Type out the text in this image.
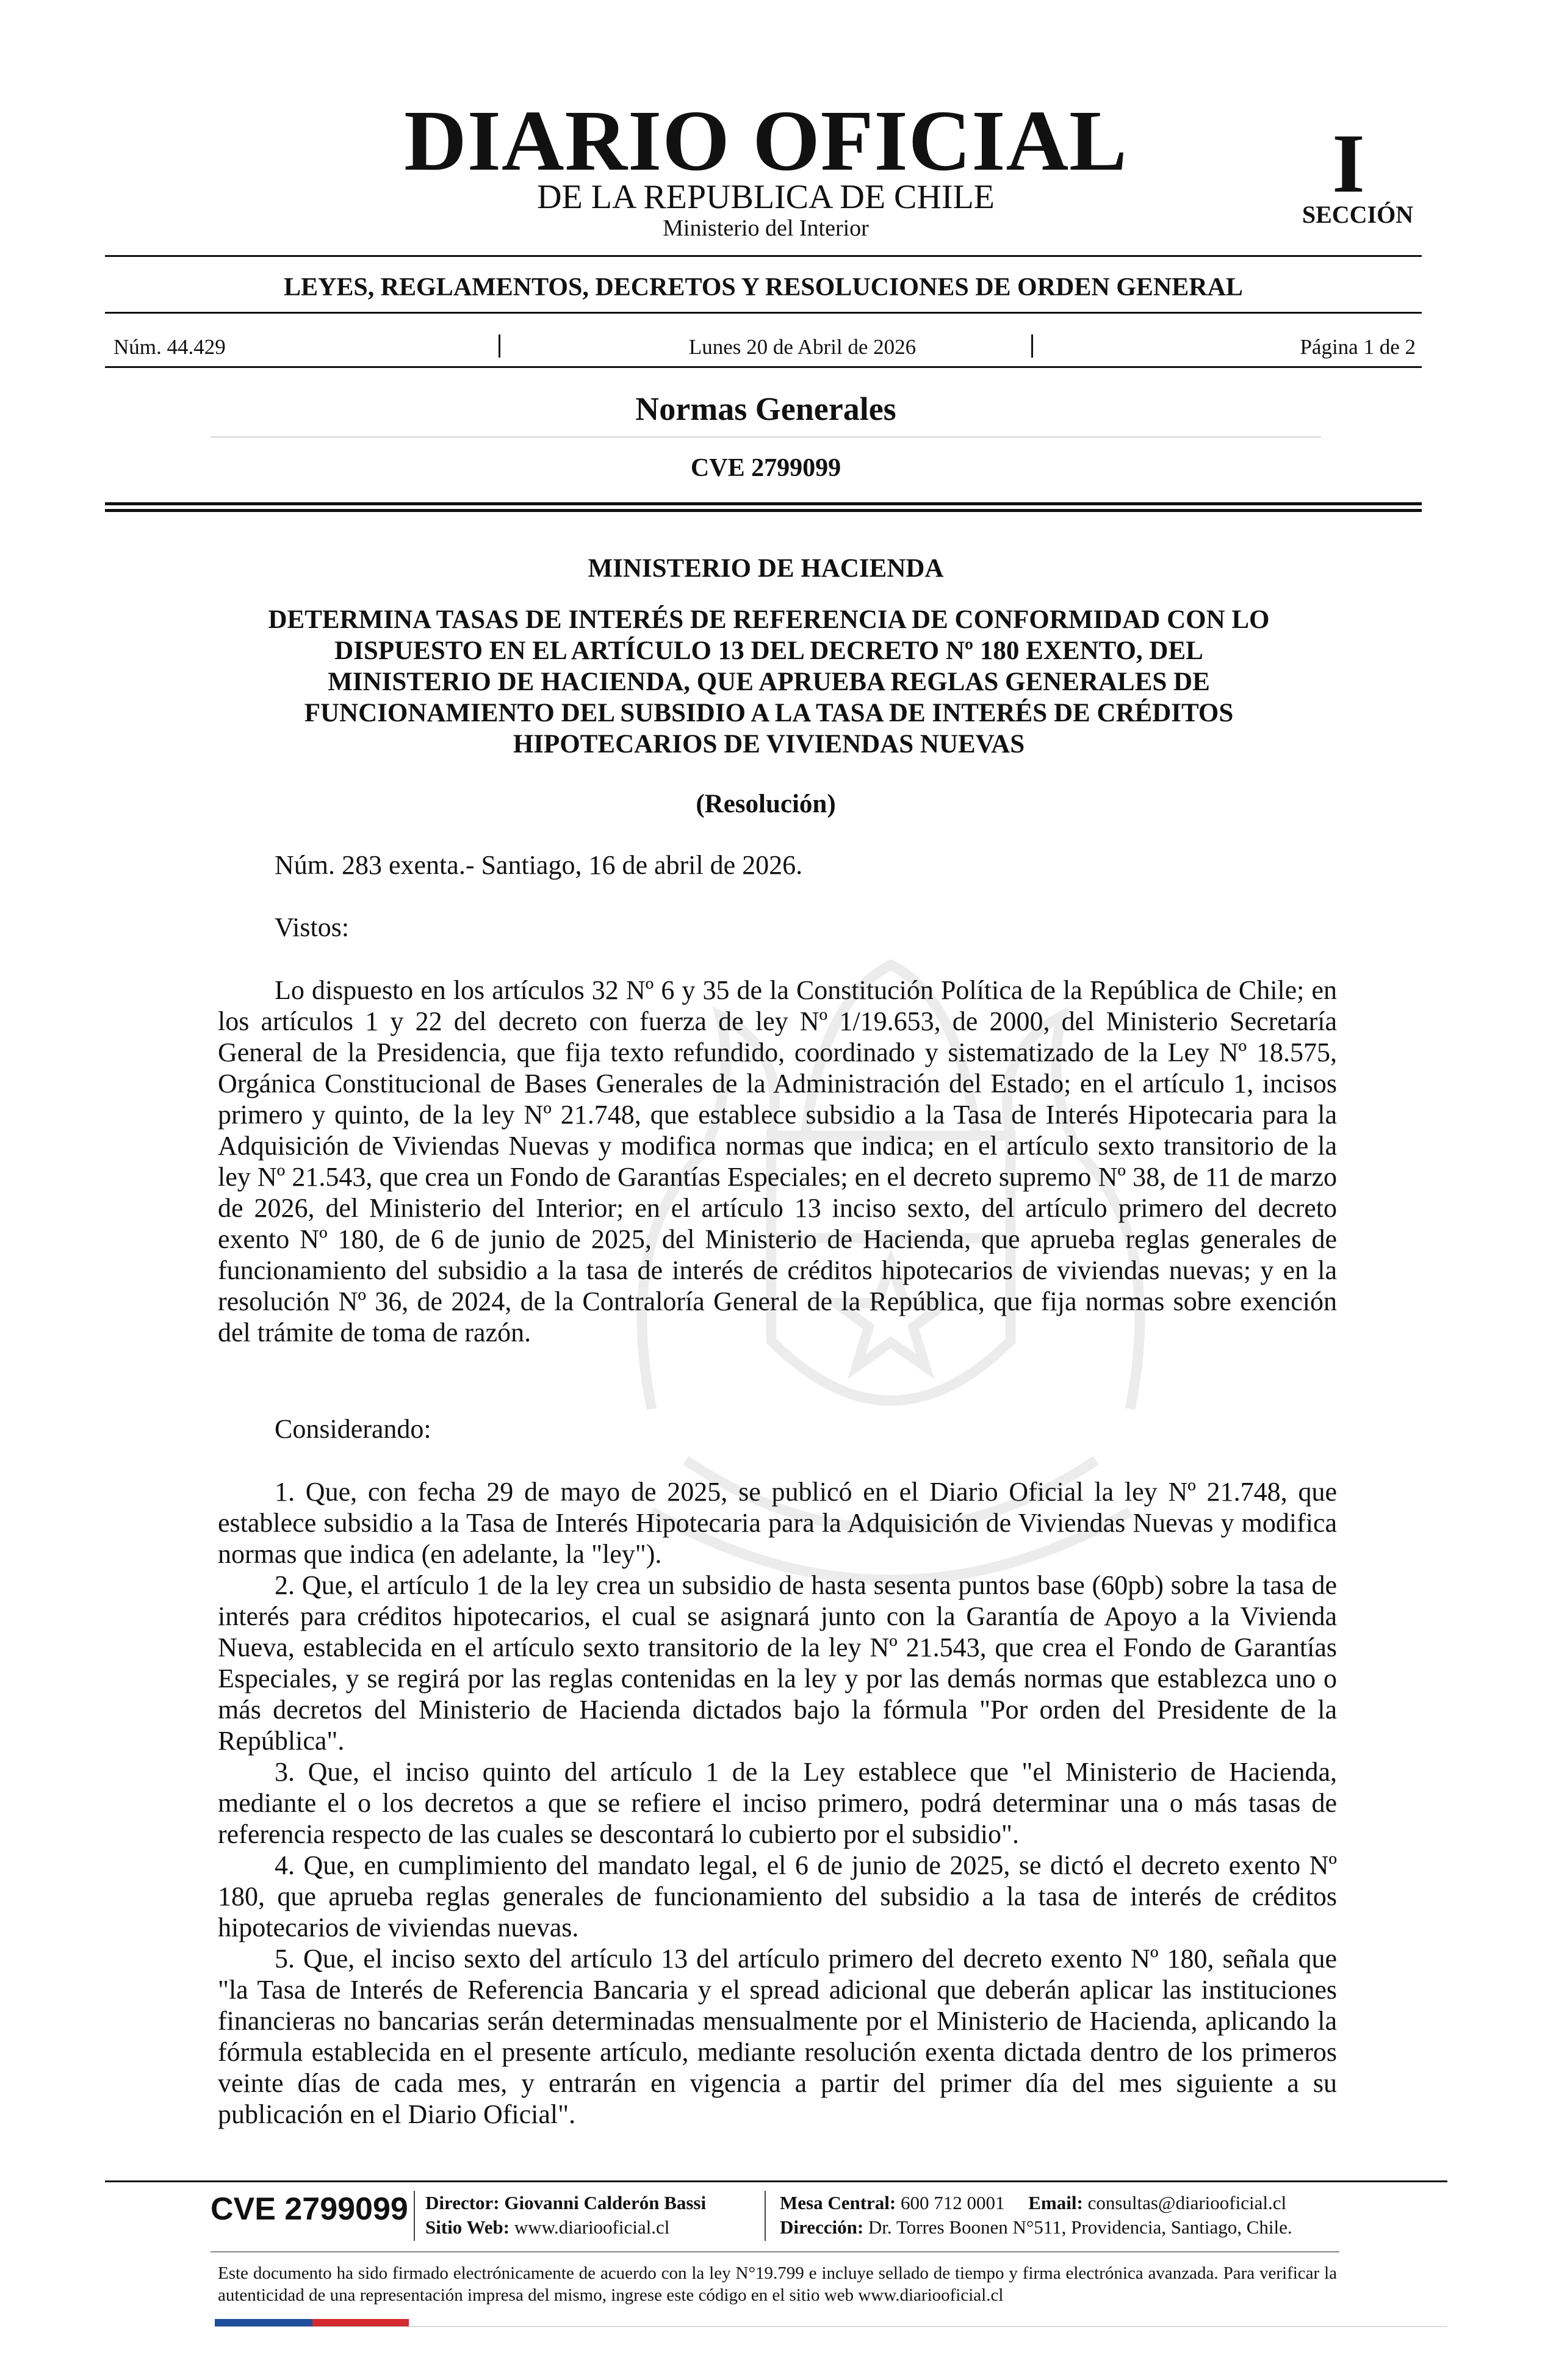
DIARIO OFICIAL
DE LA REPUBLICA DE CHILE
Ministerio del Interior
I
SECCIÓN
LEYES, REGLAMENTOS, DECRETOS Y RESOLUCIONES DE ORDEN GENERAL
Núm. 44.429	Lunes 20 de Abril de 2026	Página 1 de 2
Normas Generales
CVE 2799099
MINISTERIO DE HACIENDA
DETERMINA TASAS DE INTERÉS DE REFERENCIA DE CONFORMIDAD CON LO
DISPUESTO EN EL ARTÍCULO 13 DEL DECRETO Nº 180 EXENTO, DEL
MINISTERIO DE HACIENDA, QUE APRUEBA REGLAS GENERALES DE
FUNCIONAMIENTO DEL SUBSIDIO A LA TASA DE INTERÉS DE CRÉDITOS
HIPOTECARIOS DE VIVIENDAS NUEVAS
(Resolución)
Núm. 283 exenta.- Santiago, 16 de abril de 2026.
Vistos:

Lo dispuesto en los artículos 32 Nº 6 y 35 de la Constitución Política de la República de Chile; en los artículos 1 y 22 del decreto con fuerza de ley Nº 1/19.653, de 2000, del Ministerio Secretaría General de la Presidencia, que fija texto refundido, coordinado y sistematizado de la Ley Nº 18.575, Orgánica Constitucional de Bases Generales de la Administración del Estado; en el artículo 1, incisos primero y quinto, de la ley Nº 21.748, que establece subsidio a la Tasa de Interés Hipotecaria para la Adquisición de Viviendas Nuevas y modifica normas que indica; en el artículo sexto transitorio de la ley Nº 21.543, que crea un Fondo de Garantías Especiales; en el decreto supremo Nº 38, de 11 de marzo de 2026, del Ministerio del Interior; en el artículo 13 inciso sexto, del artículo primero del decreto exento Nº 180, de 6 de junio de 2025, del Ministerio de Hacienda, que aprueba reglas generales de funcionamiento del subsidio a la tasa de interés de créditos hipotecarios de viviendas nuevas; y en la resolución Nº 36, de 2024, de la Contraloría General de la República, que fija normas sobre exención del trámite de toma de razón.

Considerando:

1. Que, con fecha 29 de mayo de 2025, se publicó en el Diario Oficial la ley Nº 21.748, que establece subsidio a la Tasa de Interés Hipotecaria para la Adquisición de Viviendas Nuevas y modifica normas que indica (en adelante, la "ley").

2. Que, el artículo 1 de la ley crea un subsidio de hasta sesenta puntos base (60pb) sobre la tasa de interés para créditos hipotecarios, el cual se asignará junto con la Garantía de Apoyo a la Vivienda Nueva, establecida en el artículo sexto transitorio de la ley Nº 21.543, que crea el Fondo de Garantías Especiales, y se regirá por las reglas contenidas en la ley y por las demás normas que establezca uno o más decretos del Ministerio de Hacienda dictados bajo la fórmula "Por orden del Presidente de la República".

3. Que, el inciso quinto del artículo 1 de la Ley establece que "el Ministerio de Hacienda, mediante el o los decretos a que se refiere el inciso primero, podrá determinar una o más tasas de referencia respecto de las cuales se descontará lo cubierto por el subsidio".

4. Que, en cumplimiento del mandato legal, el 6 de junio de 2025, se dictó el decreto exento Nº 180, que aprueba reglas generales de funcionamiento del subsidio a la tasa de interés de créditos hipotecarios de viviendas nuevas.

5. Que, el inciso sexto del artículo 13 del artículo primero del decreto exento Nº 180, señala que "la Tasa de Interés de Referencia Bancaria y el spread adicional que deberán aplicar las instituciones financieras no bancarias serán determinadas mensualmente por el Ministerio de Hacienda, aplicando la fórmula establecida en el presente artículo, mediante resolución exenta dictada dentro de los primeros veinte días de cada mes, y entrarán en vigencia a partir del primer día del mes siguiente a su publicación en el Diario Oficial".

CVE 2799099 Director: Giovanni Calderón Bassi
Sitio Web: www.diariooficial.cl
Mesa Central: 600 712 0001 Email: consultas@diariooficial.cl
Dirección: Dr. Torres Boonen N°511, Providencia, Santiago, Chile.
Este documento ha sido firmado electrónicamente de acuerdo con la ley N°19.799 e incluye sellado de tiempo y firma electrónica avanzada. Para verificar la autenticidad de una representación impresa del mismo, ingrese este código en el sitio web www.diariooficial.cl
